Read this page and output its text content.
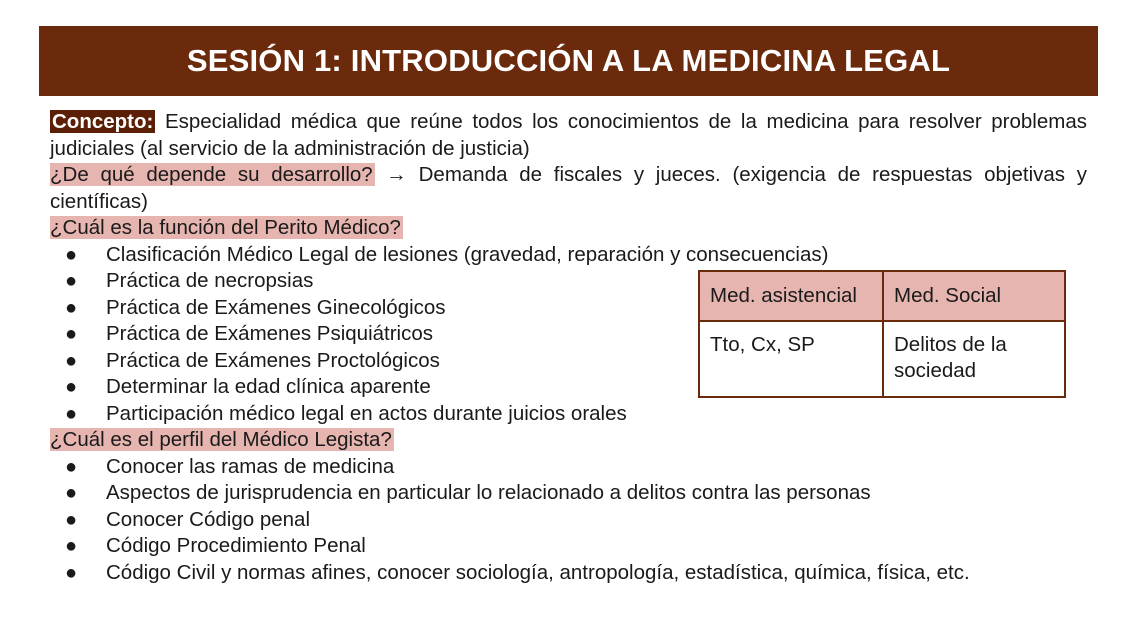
SESIÓN 1: INTRODUCCIÓN A LA MEDICINA LEGAL

Concepto: Especialidad médica que reúne todos los conocimientos de la medicina para resolver problemas judiciales (al servicio de la administración de justicia)

¿De qué depende su desarrollo? → Demanda de fiscales y jueces. (exigencia de respuestas objetivas y científicas)

¿Cuál es la función del Perito Médico?

● Clasificación Médico Legal de lesiones (gravedad, reparación y consecuencias)
● Práctica de necropsias
● Práctica de Exámenes Ginecológicos
● Práctica de Exámenes Psiquiátricos
● Práctica de Exámenes Proctológicos
● Determinar la edad clínica aparente
● Participación médico legal en actos durante juicios orales

¿Cuál es el perfil del Médico Legista?

● Conocer las ramas de medicina
● Aspectos de jurisprudencia en particular lo relacionado a delitos contra las personas
● Conocer Código penal
● Código Procedimiento Penal
● Código Civil y normas afines, conocer sociología, antropología, estadística, química, física, etc.
Med. asistencial	Med. Social
Tto, Cx, SP	Delitos de la sociedad
